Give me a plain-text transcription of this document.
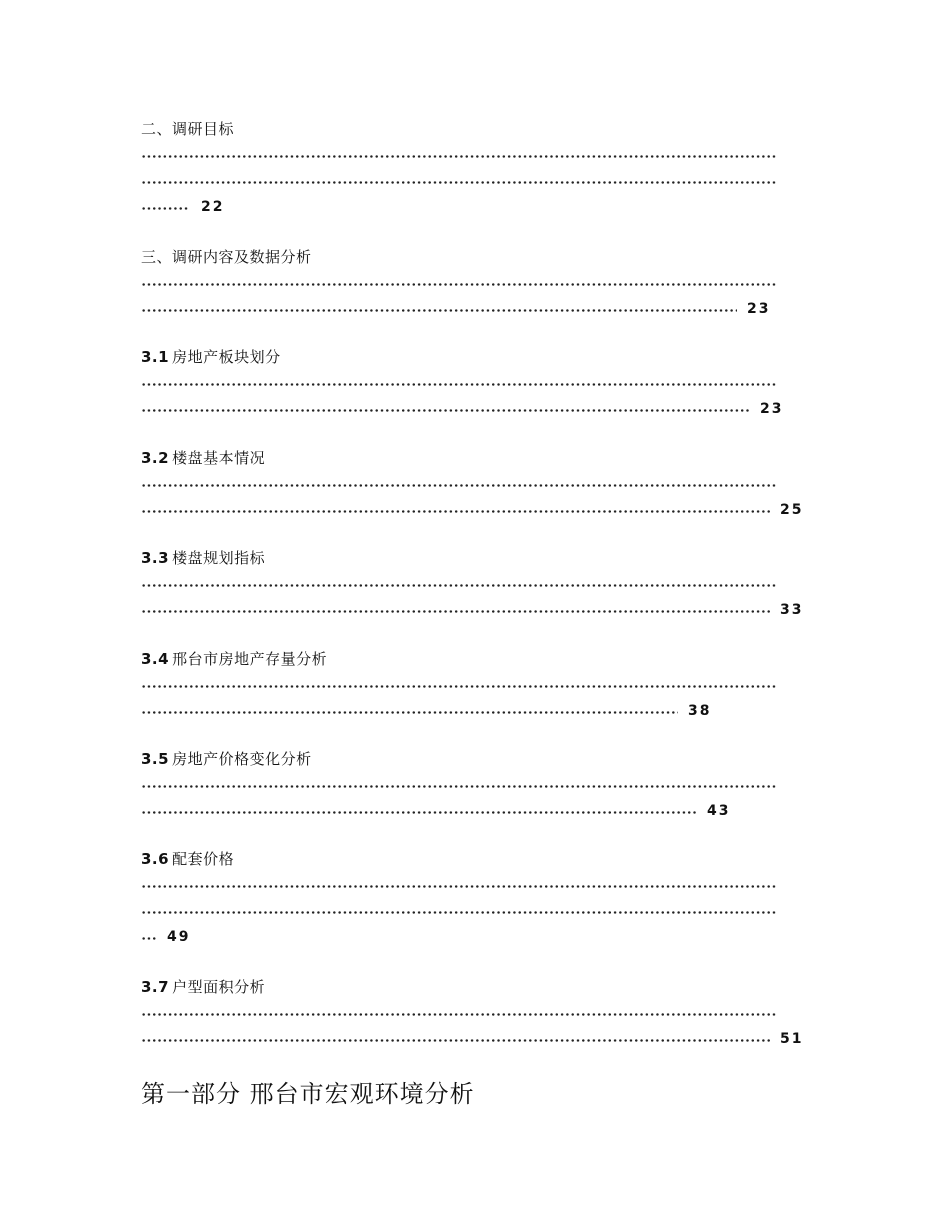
二、调研目标
22
三、调研内容及数据分析
23
3.1 房地产板块划分
23
3.2 楼盘基本情况
25
3.3 楼盘规划指标
33
3.4 邢台市房地产存量分析
38
3.5 房地产价格变化分析
43
3.6 配套价格
49
3.7 户型面积分析
51
第一部分 邢台市宏观环境分析
